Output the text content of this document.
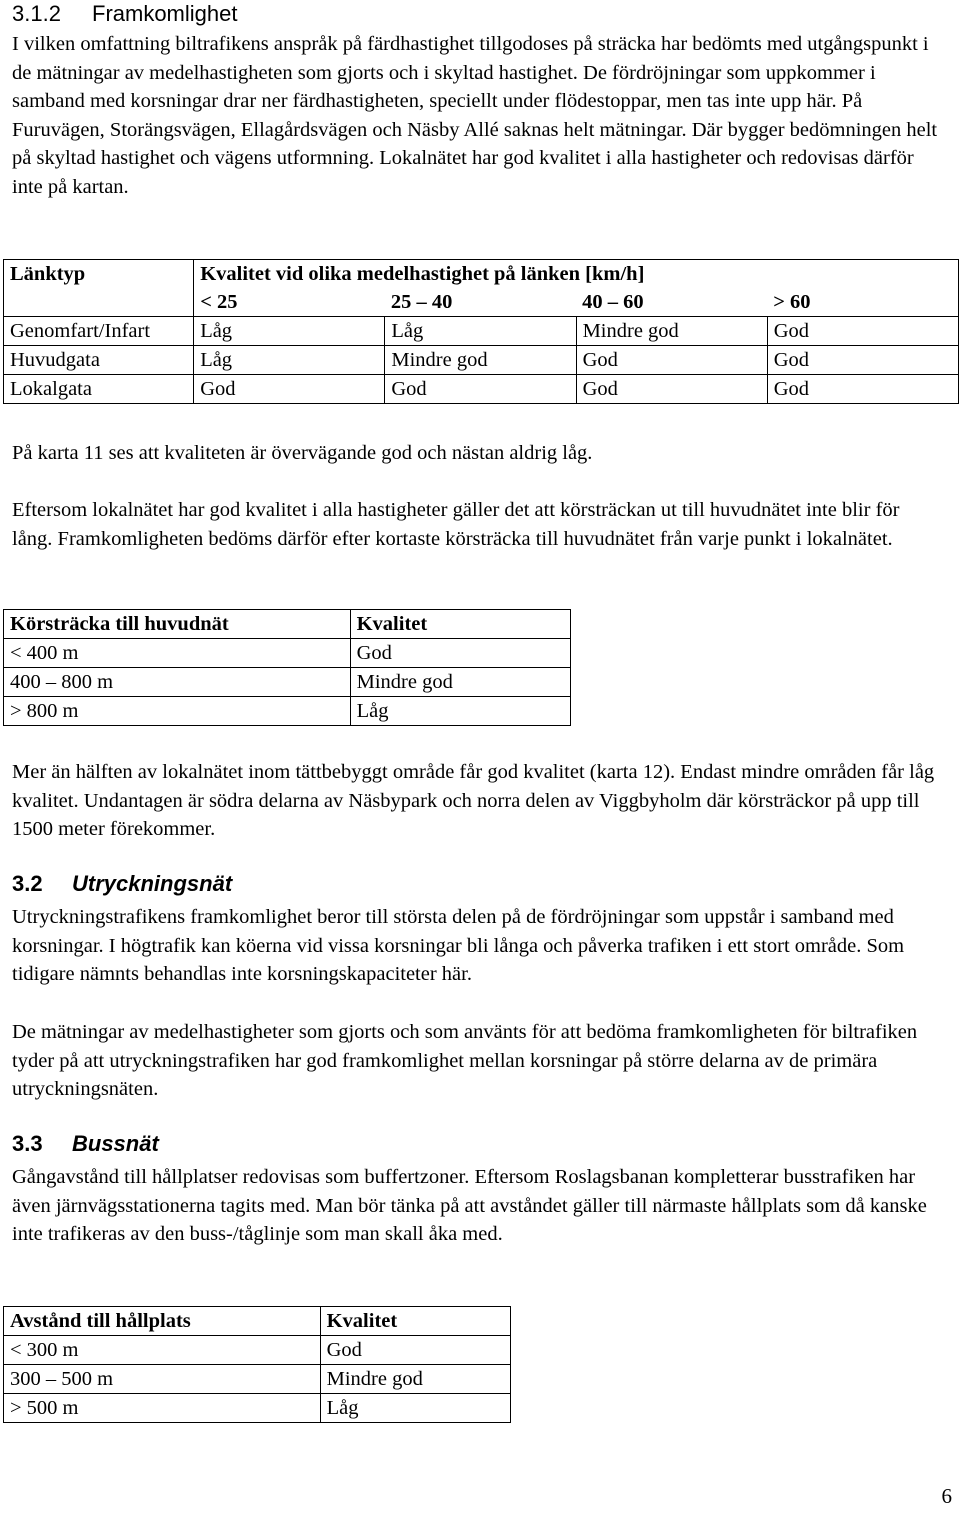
3.1.2 Framkomlighet

I vilken omfattning biltrafikens anspråk på färdhastighet tillgodoses på sträcka har bedömts med utgångspunkt i de mätningar av medelhastigheten som gjorts och i skyltad hastighet. De fördröjningar som uppkommer i samband med korsningar drar ner färdhastigheten, speciellt under flödestoppar, men tas inte upp här. På Furuvägen, Storängsvägen, Ellagårdsvägen och Näsby Allé saknas helt mätningar. Där bygger bedömningen helt på skyltad hastighet och vägens utformning. Lokalnätet har god kvalitet i alla hastigheter och redovisas därför inte på kartan.

Länktyp	Kvalitet vid olika medelhastighet på länken [km/h]			
	< 25	25 – 40	40 – 60	> 60
Genomfart/Infart	Låg	Låg	Mindre god	God
Huvudgata	Låg	Mindre god	God	God
Lokalgata	God	God	God	God

På karta 11 ses att kvaliteten är övervägande god och nästan aldrig låg.

Eftersom lokalnätet har god kvalitet i alla hastigheter gäller det att körsträckan ut till huvudnätet inte blir för lång. Framkomligheten bedöms därför efter kortaste körsträcka till huvudnätet från varje punkt i lokalnätet.

Körsträcka till huvudnät	Kvalitet
< 400 m	God
400 – 800 m	Mindre god
> 800 m	Låg

Mer än hälften av lokalnätet inom tättbebyggt område får god kvalitet (karta 12). Endast mindre områden får låg kvalitet. Undantagen är södra delarna av Näsbypark och norra delen av Viggbyholm där körsträckor på upp till 1500 meter förekommer.

3.2 Utryckningsnät

Utryckningstrafikens framkomlighet beror till största delen på de fördröjningar som uppstår i samband med korsningar. I högtrafik kan köerna vid vissa korsningar bli långa och påverka trafiken i ett stort område. Som tidigare nämnts behandlas inte korsningskapaciteter här.

De mätningar av medelhastigheter som gjorts och som använts för att bedöma framkomligheten för biltrafiken tyder på att utryckningstrafiken har god framkomlighet mellan korsningar på större delarna av de primära utryckningsnäten.

3.3 Bussnät

Gångavstånd till hållplatser redovisas som buffertzoner. Eftersom Roslagsbanan kompletterar busstrafiken har även järnvägsstationerna tagits med. Man bör tänka på att avståndet gäller till närmaste hållplats som då kanske inte trafikeras av den buss-/tåglinje som man skall åka med.

Avstånd till hållplats	Kvalitet
< 300 m	God
300 – 500 m	Mindre god
> 500 m	Låg
6
